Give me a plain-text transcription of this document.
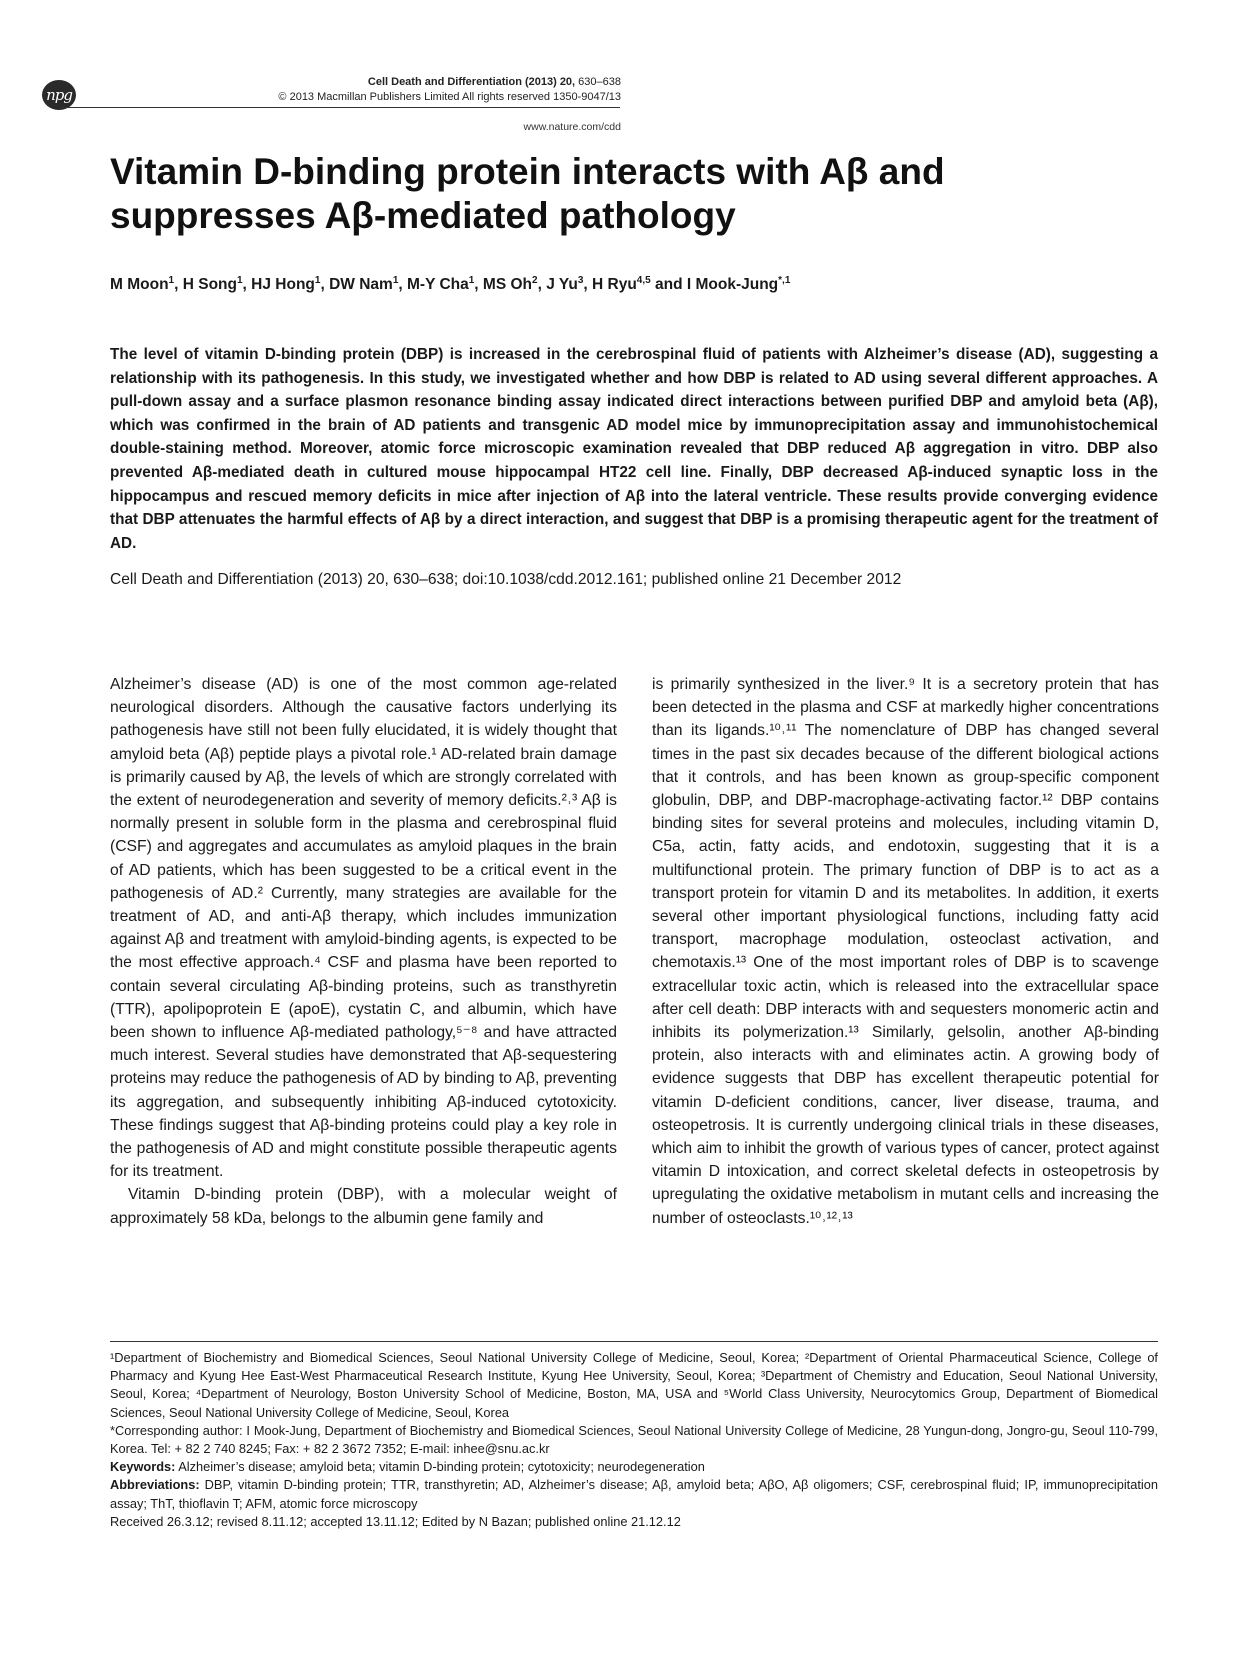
npg
Cell Death and Differentiation (2013) 20, 630–638
© 2013 Macmillan Publishers Limited All rights reserved 1350-9047/13
www.nature.com/cdd
Vitamin D-binding protein interacts with Aβ and suppresses Aβ-mediated pathology

M Moon$^1$, H Song$^1$, HJ Hong$^1$, DW Nam$^1$, M-Y Cha$^1$, MS Oh$^2$, J Yu$^3$, H Ryu$^{4,5}$ and I Mook-Jung$^{*,1}$

The level of vitamin D-binding protein (DBP) is increased in the cerebrospinal fluid of patients with Alzheimer’s disease (AD), suggesting a relationship with its pathogenesis. In this study, we investigated whether and how DBP is related to AD using several different approaches. A pull-down assay and a surface plasmon resonance binding assay indicated direct interactions between purified DBP and amyloid beta (Aβ), which was confirmed in the brain of AD patients and transgenic AD model mice by immunoprecipitation assay and immunohistochemical double-staining method. Moreover, atomic force microscopic examination revealed that DBP reduced Aβ aggregation in vitro. DBP also prevented Aβ-mediated death in cultured mouse hippocampal HT22 cell line. Finally, DBP decreased Aβ-induced synaptic loss in the hippocampus and rescued memory deficits in mice after injection of Aβ into the lateral ventricle. These results provide converging evidence that DBP attenuates the harmful effects of Aβ by a direct interaction, and suggest that DBP is a promising therapeutic agent for the treatment of AD.

Cell Death and Differentiation (2013) 20, 630–638; doi:10.1038/cdd.2012.161; published online 21 December 2012

Alzheimer’s disease (AD) is one of the most common age-related neurological disorders. Although the causative factors underlying its pathogenesis have still not been fully elucidated, it is widely thought that amyloid beta (Aβ) peptide plays a pivotal role.¹ AD-related brain damage is primarily caused by Aβ, the levels of which are strongly correlated with the extent of neurodegeneration and severity of memory deficits.²˒³ Aβ is normally present in soluble form in the plasma and cerebrospinal fluid (CSF) and aggregates and accumulates as amyloid plaques in the brain of AD patients, which has been suggested to be a critical event in the pathogenesis of AD.² Currently, many strategies are available for the treatment of AD, and anti-Aβ therapy, which includes immunization against Aβ and treatment with amyloid-binding agents, is expected to be the most effective approach.⁴ CSF and plasma have been reported to contain several circulating Aβ-binding proteins, such as transthyretin (TTR), apolipoprotein E (apoE), cystatin C, and albumin, which have been shown to influence Aβ-mediated pathology,⁵⁻⁸ and have attracted much interest. Several studies have demonstrated that Aβ-sequestering proteins may reduce the pathogenesis of AD by binding to Aβ, preventing its aggregation, and subsequently inhibiting Aβ-induced cytotoxicity. These findings suggest that Aβ-binding proteins could play a key role in the pathogenesis of AD and might constitute possible therapeutic agents for its treatment.

Vitamin D-binding protein (DBP), with a molecular weight of approximately 58 kDa, belongs to the albumin gene family and

is primarily synthesized in the liver.⁹ It is a secretory protein that has been detected in the plasma and CSF at markedly higher concentrations than its ligands.¹⁰˒¹¹ The nomenclature of DBP has changed several times in the past six decades because of the different biological actions that it controls, and has been known as group-specific component globulin, DBP, and DBP-macrophage-activating factor.¹² DBP contains binding sites for several proteins and molecules, including vitamin D, C5a, actin, fatty acids, and endotoxin, suggesting that it is a multifunctional protein. The primary function of DBP is to act as a transport protein for vitamin D and its metabolites. In addition, it exerts several other important physiological functions, including fatty acid transport, macrophage modulation, osteoclast activation, and chemotaxis.¹³ One of the most important roles of DBP is to scavenge extracellular toxic actin, which is released into the extracellular space after cell death: DBP interacts with and sequesters monomeric actin and inhibits its polymerization.¹³ Similarly, gelsolin, another Aβ-binding protein, also interacts with and eliminates actin. A growing body of evidence suggests that DBP has excellent therapeutic potential for vitamin D-deficient conditions, cancer, liver disease, trauma, and osteopetrosis. It is currently undergoing clinical trials in these diseases, which aim to inhibit the growth of various types of cancer, protect against vitamin D intoxication, and correct skeletal defects in osteopetrosis by upregulating the oxidative metabolism in mutant cells and increasing the number of osteoclasts.¹⁰˒¹²˒¹³

¹Department of Biochemistry and Biomedical Sciences, Seoul National University College of Medicine, Seoul, Korea; ²Department of Oriental Pharmaceutical Science, College of Pharmacy and Kyung Hee East-West Pharmaceutical Research Institute, Kyung Hee University, Seoul, Korea; ³Department of Chemistry and Education, Seoul National University, Seoul, Korea; ⁴Department of Neurology, Boston University School of Medicine, Boston, MA, USA and ⁵World Class University, Neurocytomics Group, Department of Biomedical Sciences, Seoul National University College of Medicine, Seoul, Korea

*Corresponding author: I Mook-Jung, Department of Biochemistry and Biomedical Sciences, Seoul National University College of Medicine, 28 Yungun-dong, Jongro-gu, Seoul 110-799, Korea. Tel: + 82 2 740 8245; Fax: + 82 2 3672 7352; E-mail: inhee@snu.ac.kr

Keywords: Alzheimer’s disease; amyloid beta; vitamin D-binding protein; cytotoxicity; neurodegeneration

Abbreviations: DBP, vitamin D-binding protein; TTR, transthyretin; AD, Alzheimer’s disease; Aβ, amyloid beta; AβO, Aβ oligomers; CSF, cerebrospinal fluid; IP, immunoprecipitation assay; ThT, thioflavin T; AFM, atomic force microscopy

Received 26.3.12; revised 8.11.12; accepted 13.11.12; Edited by N Bazan; published online 21.12.12
